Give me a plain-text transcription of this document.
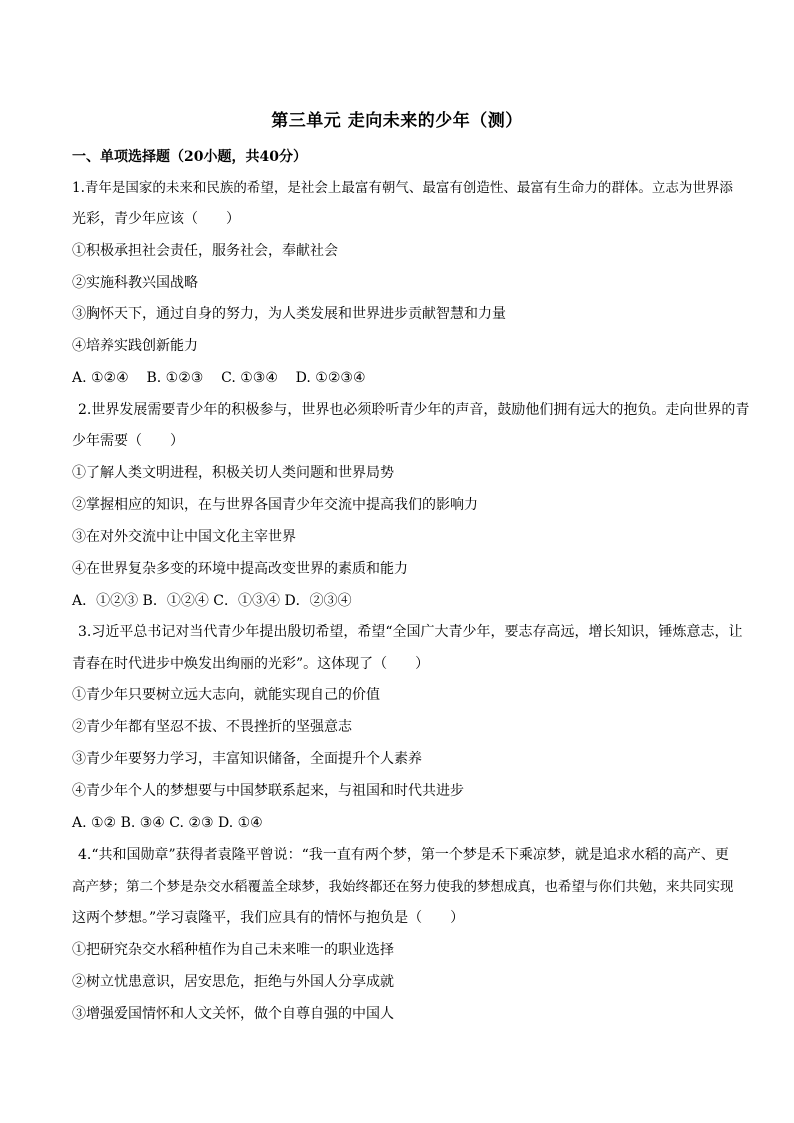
第三单元 走向未来的少年（测）
一、单项选择题（20小题，共40分）
1.青年是国家的未来和民族的希望，是社会上最富有朝气、最富有创造性、最富有生命力的群体。立志为世界添
光彩，青少年应该（　　）
①积极承担社会责任，服务社会，奉献社会
②实施科教兴国战略
③胸怀天下，通过自身的努力，为人类发展和世界进步贡献智慧和力量
④培养实践创新能力
A. ①②④    B. ①②③    C. ①③④    D. ①②③④
2.世界发展需要青少年的积极参与，世界也必须聆听青少年的声音，鼓励他们拥有远大的抱负。走向世界的青
少年需要（　　）
①了解人类文明进程，积极关切人类问题和世界局势
②掌握相应的知识，在与世界各国青少年交流中提高我们的影响力
③在对外交流中让中国文化主宰世界
④在世界复杂多变的环境中提高改变世界的素质和能力
A．①②③ B．①②④ C．①③④ D．②③④
3.习近平总书记对当代青少年提出殷切希望，希望“全国广大青少年，要志存高远，增长知识，锤炼意志，让
青春在时代进步中焕发出绚丽的光彩”。这体现了（　　）
①青少年只要树立远大志向，就能实现自己的价值
②青少年都有坚忍不拔、不畏挫折的坚强意志
③青少年要努力学习，丰富知识储备，全面提升个人素养
④青少年个人的梦想要与中国梦联系起来，与祖国和时代共进步
A. ①② B. ③④ C. ②③ D. ①④
4.“共和国勋章”获得者袁隆平曾说：“我一直有两个梦，第一个梦是禾下乘凉梦，就是追求水稻的高产、更
高产梦；第二个梦是杂交水稻覆盖全球梦，我始终都还在努力使我的梦想成真，也希望与你们共勉，来共同实现
这两个梦想。”学习袁隆平，我们应具有的情怀与抱负是（　　）
①把研究杂交水稻种植作为自己未来唯一的职业选择
②树立忧患意识，居安思危，拒绝与外国人分享成就
③增强爱国情怀和人文关怀，做个自尊自强的中国人
